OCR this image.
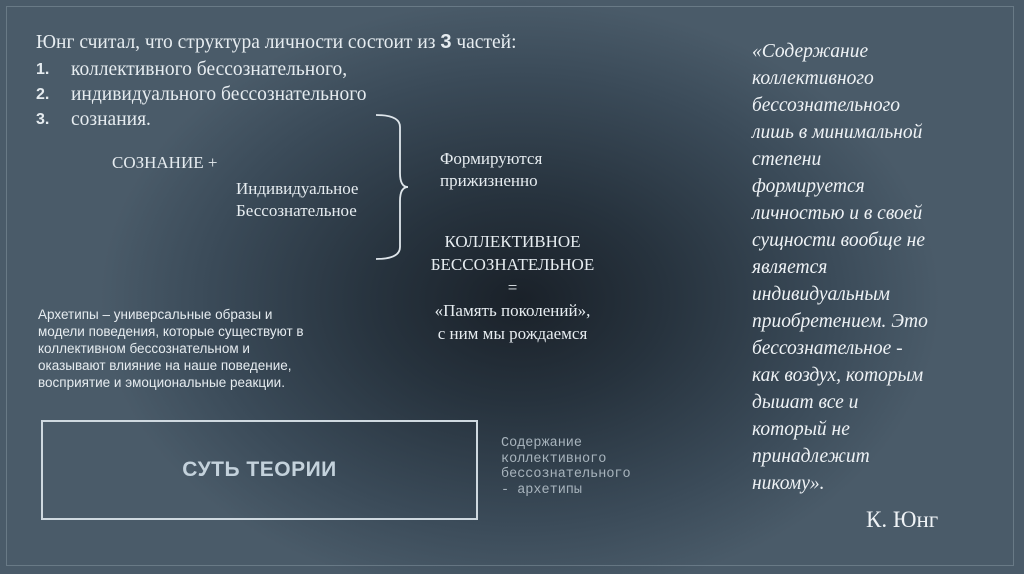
Юнг считал, что структура личности состоит из 3 частей:
1.	коллективного бессознательного,
2.	индивидуального бессознательного
3.	сознания.
СОЗНАНИЕ +
Индивидуальное
Бессознательное
Формируются
прижизненно
КОЛЛЕКТИВНОЕ
БЕССОЗНАТЕЛЬНОЕ
=
«Память поколений»,
с ним мы рождаемся
Архетипы – универсальные образы и
модели поведения, которые существуют в
коллективном бессознательном и
оказывают влияние на наше поведение,
восприятие и эмоциональные реакции.
СУТЬ ТЕОРИИ
Содержание
коллективного
бессознательного
- архетипы
«Содержание
коллективного
бессознательного
лишь в минимальной
степени
формируется
личностью и в своей
сущности вообще не
является
индивидуальным
приобретением. Это
бессознательное -
как воздух, которым
дышат все и
который не
принадлежит
никому».
К. Юнг
